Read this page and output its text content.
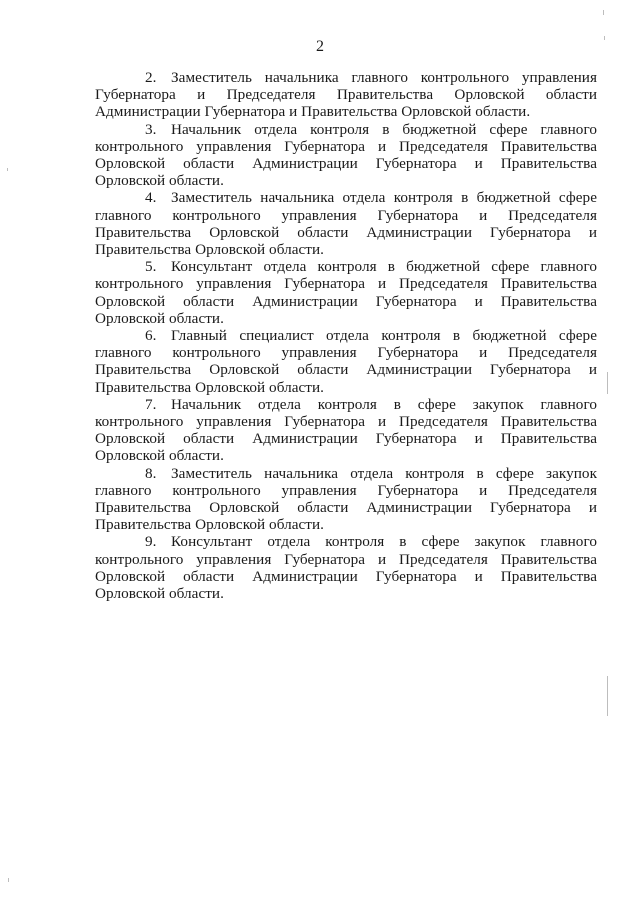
2

2. Заместитель начальника главного контрольного управления Губернатора и Председателя Правительства Орловской области Администрации Губернатора и Правительства Орловской области.

3. Начальник отдела контроля в бюджетной сфере главного контрольного управления Губернатора и Председателя Правительства Орловской области Администрации Губернатора и Правительства Орловской области.

4. Заместитель начальника отдела контроля в бюджетной сфере главного контрольного управления Губернатора и Председателя Правительства Орловской области Администрации Губернатора и Правительства Орловской области.

5. Консультант отдела контроля в бюджетной сфере главного контрольного управления Губернатора и Председателя Правительства Орловской области Администрации Губернатора и Правительства Орловской области.

6. Главный специалист отдела контроля в бюджетной сфере главного контрольного управления Губернатора и Председателя Правительства Орловской области Администрации Губернатора и Правительства Орловской области.

7. Начальник отдела контроля в сфере закупок главного контрольного управления Губернатора и Председателя Правительства Орловской области Администрации Губернатора и Правительства Орловской области.

8. Заместитель начальника отдела контроля в сфере закупок главного контрольного управления Губернатора и Председателя Правительства Орловской области Администрации Губернатора и Правительства Орловской области.

9. Консультант отдела контроля в сфере закупок главного контрольного управления Губернатора и Председателя Правительства Орловской области Администрации Губернатора и Правительства Орловской области.
